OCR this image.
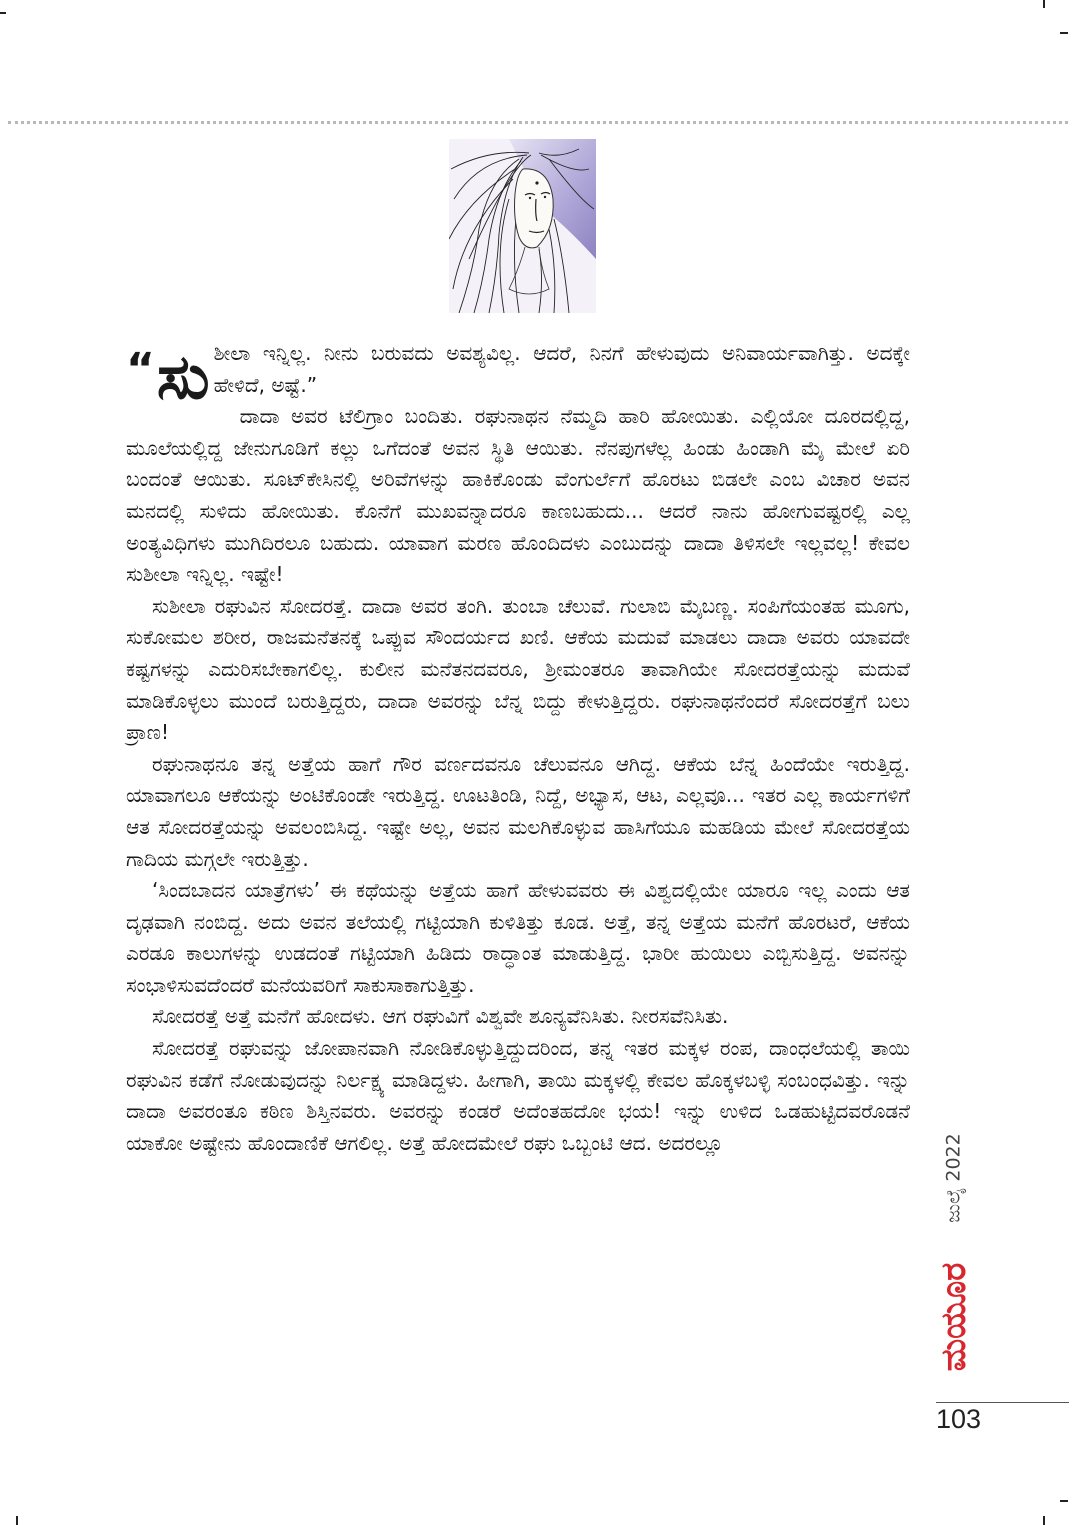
“ಸು ಶೀಲಾ ಇನ್ನಿಲ್ಲ. ನೀನು ಬರುವದು ಅವಶ್ಯವಿಲ್ಲ. ಆದರೆ, ನಿನಗೆ ಹೇಳುವುದು ಅನಿವಾರ್ಯವಾಗಿತ್ತು. ಅದಕ್ಕೇ ಹೇಳಿದೆ, ಅಷ್ಟೆ.”

ದಾದಾ ಅವರ ಟೆಲಿಗ್ರಾಂ ಬಂದಿತು. ರಘುನಾಥನ ನೆಮ್ಮದಿ ಹಾರಿ ಹೋಯಿತು. ಎಲ್ಲಿಯೋ ದೂರದಲ್ಲಿದ್ದ, ಮೂಲೆಯಲ್ಲಿದ್ದ ಜೇನುಗೂಡಿಗೆ ಕಲ್ಲು ಒಗೆದಂತೆ ಅವನ ಸ್ಥಿತಿ ಆಯಿತು. ನೆನಪುಗಳೆಲ್ಲ ಹಿಂಡು ಹಿಂಡಾಗಿ ಮೈ ಮೇಲೆ ಏರಿ ಬಂದಂತೆ ಆಯಿತು. ಸೂಟ್‌ಕೇಸಿನಲ್ಲಿ ಅರಿವೆಗಳನ್ನು ಹಾಕಿಕೊಂಡು ವೆಂಗುರ್ಲೆಗೆ ಹೊರಟು ಬಿಡಲೇ ಎಂಬ ವಿಚಾರ ಅವನ ಮನದಲ್ಲಿ ಸುಳಿದು ಹೋಯಿತು. ಕೊನೆಗೆ ಮುಖವನ್ನಾದರೂ ಕಾಣಬಹುದು... ಆದರೆ ನಾನು ಹೋಗುವಷ್ಟರಲ್ಲಿ ಎಲ್ಲ ಅಂತ್ಯವಿಧಿಗಳು ಮುಗಿದಿರಲೂ ಬಹುದು. ಯಾವಾಗ ಮರಣ ಹೊಂದಿದಳು ಎಂಬುದನ್ನು ದಾದಾ ತಿಳಿಸಲೇ ಇಲ್ಲವಲ್ಲ! ಕೇವಲ ಸುಶೀಲಾ ಇನ್ನಿಲ್ಲ. ಇಷ್ಟೇ!

ಸುಶೀಲಾ ರಘುವಿನ ಸೋದರತ್ತೆ. ದಾದಾ ಅವರ ತಂಗಿ. ತುಂಬಾ ಚೆಲುವೆ. ಗುಲಾಬಿ ಮೈಬಣ್ಣ. ಸಂಪಿಗೆಯಂತಹ ಮೂಗು, ಸುಕೋಮಲ ಶರೀರ, ರಾಜಮನೆತನಕ್ಕೆ ಒಪ್ಪುವ ಸೌಂದರ್ಯದ ಖಣಿ. ಆಕೆಯ ಮದುವೆ ಮಾಡಲು ದಾದಾ ಅವರು ಯಾವದೇ ಕಷ್ಟಗಳನ್ನು ಎದುರಿಸಬೇಕಾಗಲಿಲ್ಲ. ಕುಲೀನ ಮನೆತನದವರೂ, ಶ್ರೀಮಂತರೂ ತಾವಾಗಿಯೇ ಸೋದರತ್ತೆಯನ್ನು ಮದುವೆ ಮಾಡಿಕೊಳ್ಳಲು ಮುಂದೆ ಬರುತ್ತಿದ್ದರು, ದಾದಾ ಅವರನ್ನು ಬೆನ್ನ ಬಿದ್ದು ಕೇಳುತ್ತಿದ್ದರು. ರಘುನಾಥನೆಂದರೆ ಸೋದರತ್ತೆಗೆ ಬಲು ಪ್ರಾಣ!

ರಘುನಾಥನೂ ತನ್ನ ಅತ್ತೆಯ ಹಾಗೆ ಗೌರ ವರ್ಣದವನೂ ಚೆಲುವನೂ ಆಗಿದ್ದ. ಆಕೆಯ ಬೆನ್ನ ಹಿಂದೆಯೇ ಇರುತ್ತಿದ್ದ. ಯಾವಾಗಲೂ ಆಕೆಯನ್ನು ಅಂಟಿಕೊಂಡೇ ಇರುತ್ತಿದ್ದ. ಊಟತಿಂಡಿ, ನಿದ್ದೆ, ಅಭ್ಯಾಸ, ಆಟ, ಎಲ್ಲವೂ... ಇತರ ಎಲ್ಲ ಕಾರ್ಯಗಳಿಗೆ ಆತ ಸೋದರತ್ತೆಯನ್ನು ಅವಲಂಬಿಸಿದ್ದ. ಇಷ್ಟೇ ಅಲ್ಲ, ಅವನ ಮಲಗಿಕೊಳ್ಳುವ ಹಾಸಿಗೆಯೂ ಮಹಡಿಯ ಮೇಲೆ ಸೋದರತ್ತೆಯ ಗಾದಿಯ ಮಗ್ಗಲೇ ಇರುತ್ತಿತ್ತು.

‘ಸಿಂದಬಾದನ ಯಾತ್ರೆಗಳು’ ಈ ಕಥೆಯನ್ನು ಅತ್ತೆಯ ಹಾಗೆ ಹೇಳುವವರು ಈ ವಿಶ್ವದಲ್ಲಿಯೇ ಯಾರೂ ಇಲ್ಲ ಎಂದು ಆತ ದೃಢವಾಗಿ ನಂಬಿದ್ದ. ಅದು ಅವನ ತಲೆಯಲ್ಲಿ ಗಟ್ಟಿಯಾಗಿ ಕುಳಿತಿತ್ತು ಕೂಡ. ಅತ್ತೆ, ತನ್ನ ಅತ್ತೆಯ ಮನೆಗೆ ಹೊರಟರೆ, ಆಕೆಯ ಎರಡೂ ಕಾಲುಗಳನ್ನು ಉಡದಂತೆ ಗಟ್ಟಿಯಾಗಿ ಹಿಡಿದು ರಾದ್ಧಾಂತ ಮಾಡುತ್ತಿದ್ದ. ಭಾರೀ ಹುಯಿಲು ಎಬ್ಬಿಸುತ್ತಿದ್ದ. ಅವನನ್ನು ಸಂಭಾಳಿಸುವದೆಂದರೆ ಮನೆಯವರಿಗೆ ಸಾಕುಸಾಕಾಗುತ್ತಿತ್ತು.

ಸೋದರತ್ತೆ ಅತ್ತೆ ಮನೆಗೆ ಹೋದಳು. ಆಗ ರಘುವಿಗೆ ವಿಶ್ವವೇ ಶೂನ್ಯವೆನಿಸಿತು. ನೀರಸವೆನಿಸಿತು.

ಸೋದರತ್ತೆ ರಘುವನ್ನು ಜೋಪಾನವಾಗಿ ನೋಡಿಕೊಳ್ಳುತ್ತಿದ್ದುದರಿಂದ, ತನ್ನ ಇತರ ಮಕ್ಕಳ ರಂಪ, ದಾಂಧಲೆಯಲ್ಲಿ ತಾಯಿ ರಘುವಿನ ಕಡೆಗೆ ನೋಡುವುದನ್ನು ನಿರ್ಲಕ್ಷ್ಯ ಮಾಡಿದ್ದಳು. ಹೀಗಾಗಿ, ತಾಯಿ ಮಕ್ಕಳಲ್ಲಿ ಕೇವಲ ಹೊಕ್ಕಳಬಳ್ಳಿ ಸಂಬಂಧವಿತ್ತು. ಇನ್ನು ದಾದಾ ಅವರಂತೂ ಕಠಿಣ ಶಿಸ್ತಿನವರು. ಅವರನ್ನು ಕಂಡರೆ ಅದೆಂತಹದೋ ಭಯ! ಇನ್ನು ಉಳಿದ ಒಡಹುಟ್ಟಿದವರೊಡನೆ ಯಾಕೋ ಅಷ್ಟೇನು ಹೊಂದಾಣಿಕೆ ಆಗಲಿಲ್ಲ. ಅತ್ತೆ ಹೋದಮೇಲೆ ರಘು ಒಬ್ಬಂಟಿ ಆದ. ಅದರಲ್ಲೂ	ಜುಲೈ 2022
ಮಯೂರ
103
